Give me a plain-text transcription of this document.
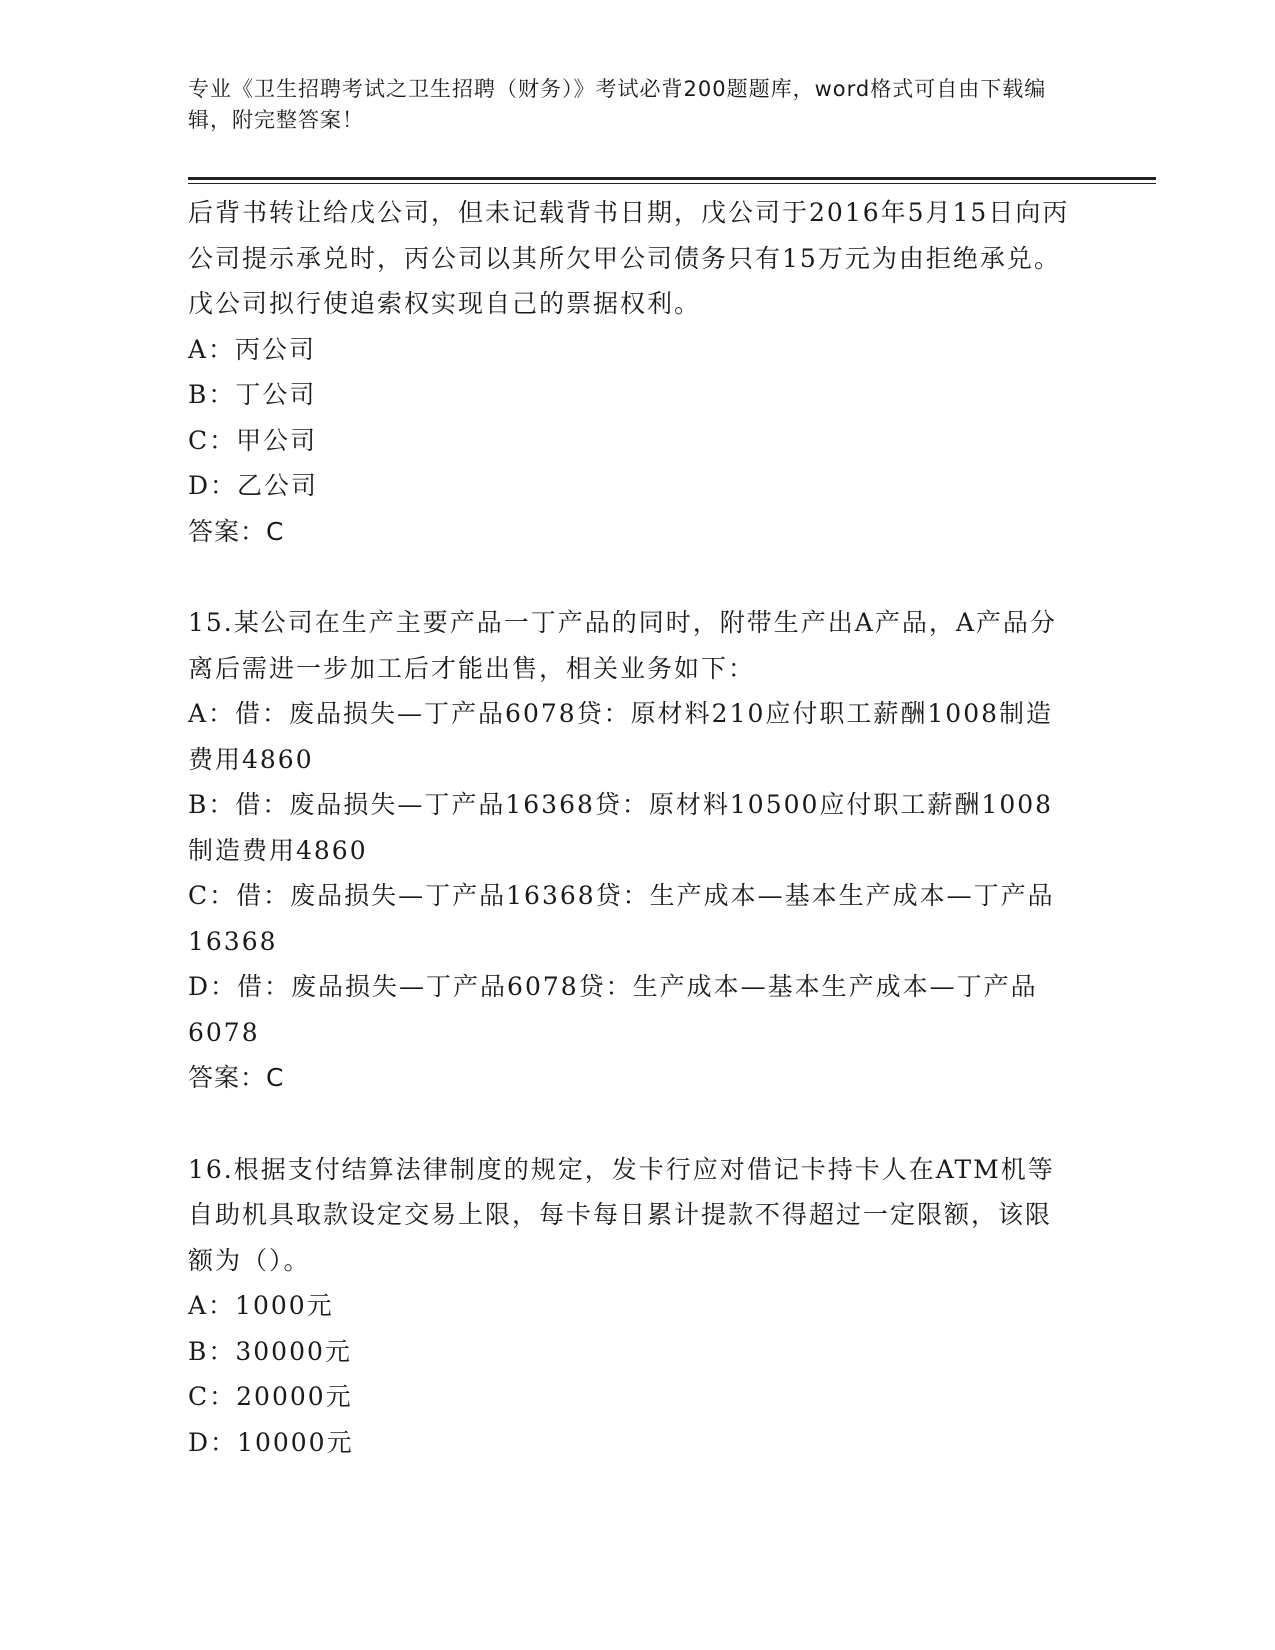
专业《卫生招聘考试之卫生招聘（财务）》考试必背200题题库，word格式可自由下载编辑，附完整答案！

后背书转让给戊公司，但未记载背书日期，戊公司于2016年5月15日向丙公司提示承兑时，丙公司以其所欠甲公司债务只有15万元为由拒绝承兑。戊公司拟行使追索权实现自己的票据权利。

A：丙公司

B：丁公司

C：甲公司

D：乙公司

答案：C

15.某公司在生产主要产品一丁产品的同时，附带生产出A产品，A产品分离后需进一步加工后才能出售，相关业务如下：

A：借：废品损失—丁产品6078贷：原材料210应付职工薪酬1008制造费用4860

B：借：废品损失—丁产品16368贷：原材料10500应付职工薪酬1008制造费用4860

C：借：废品损失—丁产品16368贷：生产成本—基本生产成本—丁产品16368

D：借：废品损失—丁产品6078贷：生产成本—基本生产成本—丁产品6078

答案：C

16.根据支付结算法律制度的规定，发卡行应对借记卡持卡人在ATM机等自助机具取款设定交易上限，每卡每日累计提款不得超过一定限额，该限额为（）。

A：1000元

B：30000元

C：20000元

D：10000元
